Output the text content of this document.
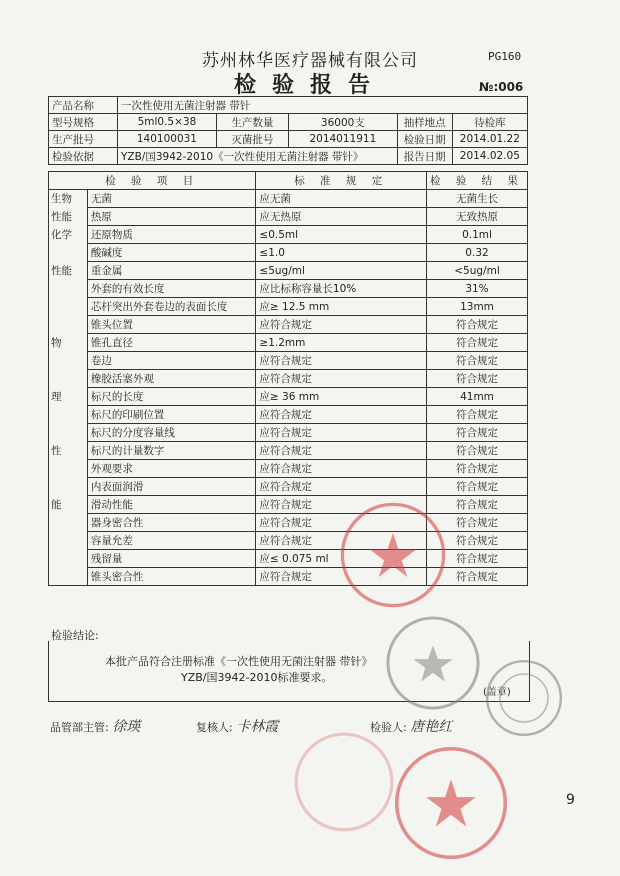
苏州林华医疗器械有限公司	PG160
检验报告	№:006
产品名称	一次性使用无菌注射器 带针				
型号规格	5ml0.5×38	生产数量	36000支	抽样地点	待检库
生产批号	140100031	灭菌批号	2014011911	检验日期	2014.01.22
检验依据	YZB/国3942-2010《一次性使用无菌注射器 带针》			报告日期	2014.02.05
检 验 项 目		标 准 规 定	检 验 结 果
生物	无菌	应无菌	无菌生长
性能	热原	应无热原	无致热原
化学	还原物质	≤0.5ml	0.1ml
	酸碱度	≤1.0	0.32
性能	重金属	≤5ug/ml	<5ug/ml
	外套的有效长度	应比标称容量长10%	31%
	芯杆突出外套卷边的表面长度	应≥ 12.5 mm	13mm
	锥头位置	应符合规定	符合规定
物	锥孔直径	≥1.2mm	符合规定
	卷边	应符合规定	符合规定
	橡胶活塞外观	应符合规定	符合规定
理	标尺的长度	应≥ 36 mm	41mm
	标尺的印刷位置	应符合规定	符合规定
	标尺的分度容量线	应符合规定	符合规定
性	标尺的计量数字	应符合规定	符合规定
	外观要求	应符合规定	符合规定
	内表面润滑	应符合规定	符合规定
能	滑动性能	应符合规定	符合规定
	器身密合性	应符合规定	符合规定
	容量允差	应符合规定	符合规定
	残留量	应≤ 0.075 ml	符合规定
	锥头密合性	应符合规定	符合规定
检验结论:
本批产品符合注册标准《一次性使用无菌注射器 带针》
YZB/国3942-2010标准要求。
(盖章)
品管部主管: 徐瑛	复核人: 卡林霞	检验人: 唐艳红
9
